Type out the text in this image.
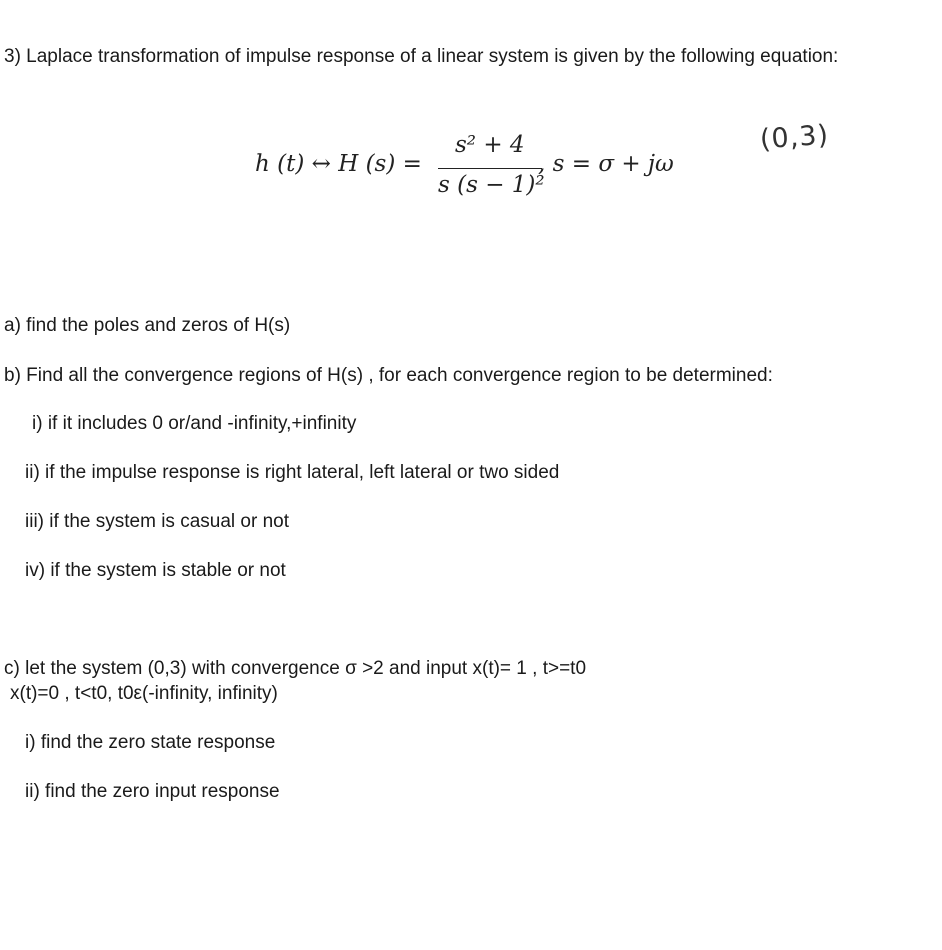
3) Laplace transformation of impulse response of a linear system is given by the following equation:
h (t) ↔ H (s) =
s² + 4
s (s − 1)²
, s = σ + jω
(0,3)
a) find the poles and zeros of H(s)
b) Find all the convergence regions of H(s) , for each convergence region to be determined:
i) if it includes 0 or/and -infinity,+infinity
ii) if the impulse response is right lateral, left lateral or two sided
iii) if the system is casual or not
iv) if the system is stable or not
c) let the system (0,3) with convergence σ >2 and input x(t)= 1 , t>=t0
x(t)=0 , t<t0, t0ε(-infinity, infinity)
i) find the zero state response
ii) find the zero input response
